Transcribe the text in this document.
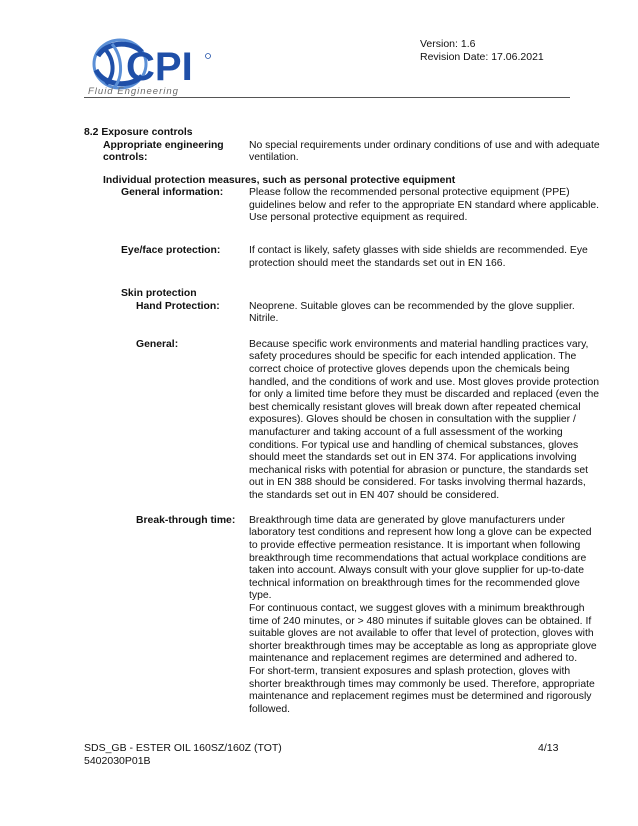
CPI
Fluid Engineering
Version: 1.6
Revision Date: 17.06.2021
8.2 Exposure controls
Appropriate engineering
controls:
No special requirements under ordinary conditions of use and with adequate ventilation.
Individual protection measures, such as personal protective equipment
General information:	Please follow the recommended personal protective equipment (PPE) guidelines below and refer to the appropriate EN standard where applicable. Use personal protective equipment as required.
Eye/face protection:	If contact is likely, safety glasses with side shields are recommended. Eye protection should meet the standards set out in EN 166.
Skin protection
Hand Protection:	Neoprene. Suitable gloves can be recommended by the glove supplier. Nitrile.
General:	Because specific work environments and material handling practices vary, safety procedures should be specific for each intended application. The correct choice of protective gloves depends upon the chemicals being handled, and the conditions of work and use. Most gloves provide protection for only a limited time before they must be discarded and replaced (even the best chemically resistant gloves will break down after repeated chemical exposures). Gloves should be chosen in consultation with the supplier / manufacturer and taking account of a full assessment of the working conditions. For typical use and handling of chemical substances, gloves should meet the standards set out in EN 374. For applications involving mechanical risks with potential for abrasion or puncture, the standards set out in EN 388 should be considered. For tasks involving thermal hazards, the standards set out in EN 407 should be considered.
Break-through time:	Breakthrough time data are generated by glove manufacturers under laboratory test conditions and represent how long a glove can be expected to provide effective permeation resistance. It is important when following breakthrough time recommendations that actual workplace conditions are taken into account. Always consult with your glove supplier for up-to-date technical information on breakthrough times for the recommended glove type.
For continuous contact, we suggest gloves with a minimum breakthrough time of 240 minutes, or > 480 minutes if suitable gloves can be obtained. If suitable gloves are not available to offer that level of protection, gloves with shorter breakthrough times may be acceptable as long as appropriate glove maintenance and replacement regimes are determined and adhered to.
For short-term, transient exposures and splash protection, gloves with shorter breakthrough times may commonly be used. Therefore, appropriate maintenance and replacement regimes must be determined and rigorously followed.
SDS_GB - ESTER OIL 160SZ/160Z (TOT)
5402030P01B
4/13
